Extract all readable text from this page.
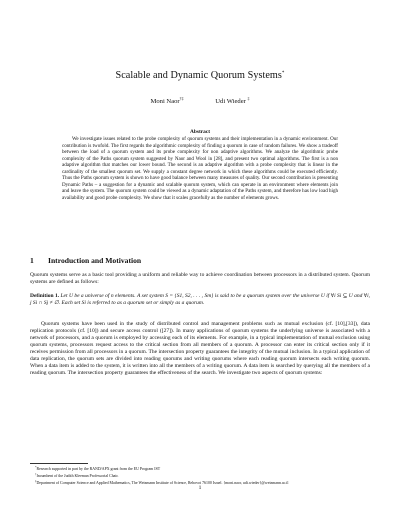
Scalable and Dynamic Quorum Systems*
Moni Naor†‡	Udi Wieder ‡
Abstract

We investigate issues related to the probe complexity of quorum systems and their implementation in a dynamic environment. Our contribution is twofold. The first regards the algorithmic complexity of finding a quorum in case of random failures. We show a tradeoff between the load of a quorum system and its probe complexity for non adaptive algorithms. We analyze the algorithmic probe complexity of the Paths quorum system suggested by Naor and Wool in [28], and present two optimal algorithms. The first is a non adaptive algorithm that matches our lower bound. The second is an adaptive algorithm with a probe complexity that is linear in the cardinality of the smallest quorum set. We supply a constant degree network in which these algorithms could be executed efficiently. Thus the Paths quorum system is shown to have good balance between many measures of quality. Our second contribution is presenting Dynamic Paths – a suggestion for a dynamic and scalable quorum system, which can operate in an environment where elements join and leave the system. The quorum system could be viewed as a dynamic adaptation of the Paths system, and therefore has low load high availability and good probe complexity. We show that it scales gracefully as the number of elements grows.

1 Introduction and Motivation

Quorum systems serve as a basic tool providing a uniform and reliable way to achieve coordination between processors in a distributed system. Quorum systems are defined as follows:

Definition 1. Let U be a universe of n elements. A set system S = {S1, S2, . . . , Sm} is said to be a quorum system over the universe U if ∀i Si ⊆ U and ∀i, j Si ∩ Sj ≠ ∅. Each set Si is referred to as a quorum set or simply as a quorum.

Quorum systems have been used in the study of distributed control and management problems such as mutual exclusion (cf. [10],[33]), data replication protocols (cf. [10]) and secure access control ([27]). In many applications of quorum systems the underlying universe is associated with a network of processors, and a quorum is employed by accessing each of its elements. For example, in a typical implementation of mutual exclusion using quorum systems, processors request access to the critical section from all members of a quorum. A processor can enter its critical section only if it receives permission from all processors in a quorum. The intersection property guarantees the integrity of the mutual inclusion. In a typical application of data replication, the quorum sets are divided into reading quorums and writing quorums where each reading quorum intersects each writing quorum. When a data item is added to the system, it is written into all the members of a writing quorum. A data item is searched by querying all the members of a reading quorum. The intersection property guarantees the effectiveness of the search. We investigate two aspects of quorum systems:

*Research supported in part by the RAND/APX grant from the EU Program IST

†Incumbent of the Judith Kleeman Professorial Chair.

‡Department of Computer Science and Applied Mathematics, The Weizmann Institute of Science, Rehovot 76100 Israel. {moni.naor, udi.wieder}@weizmann.ac.il

1
